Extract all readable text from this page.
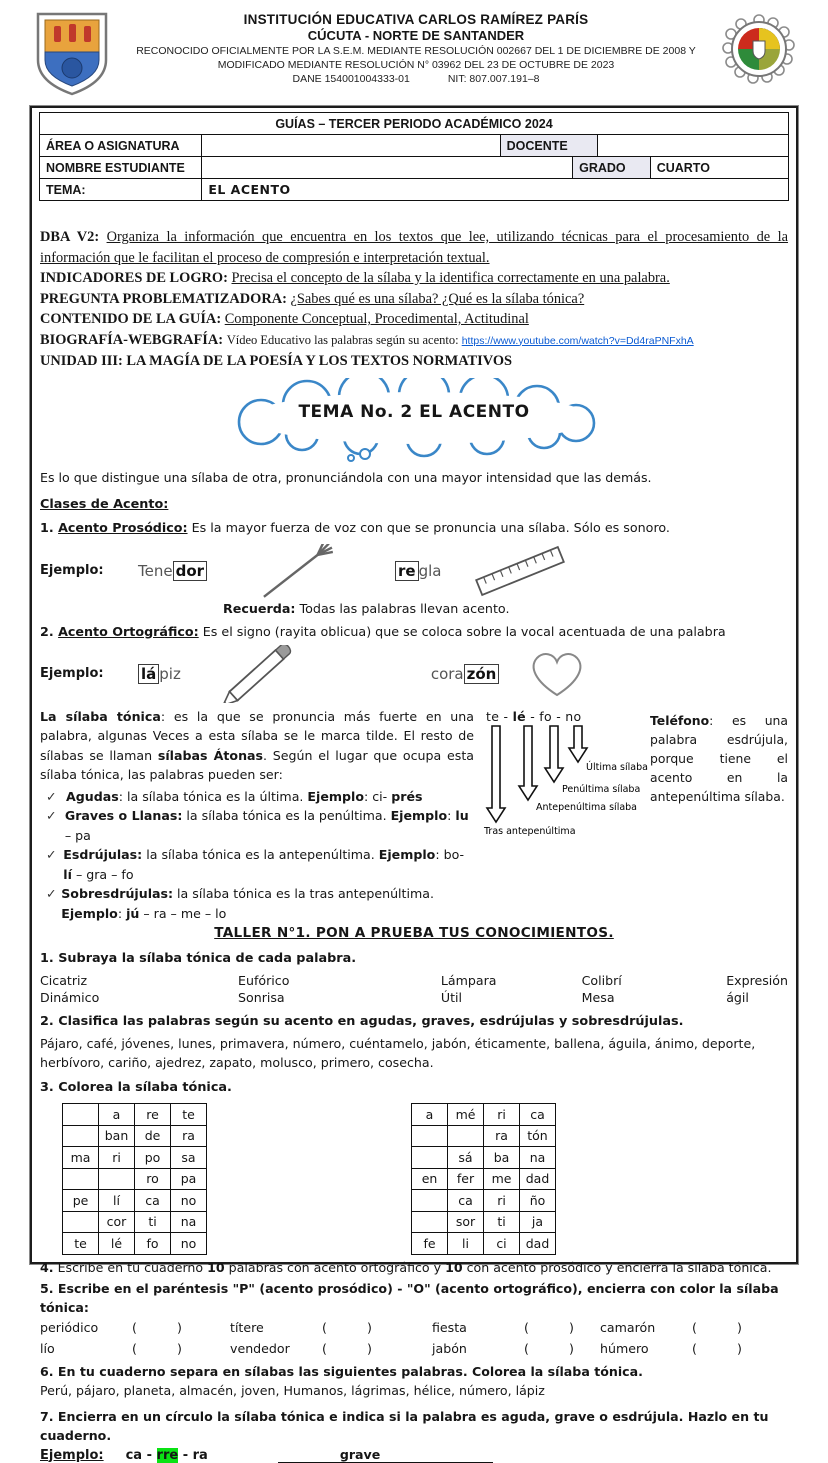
INSTITUCIÓN EDUCATIVA CARLOS RAMÍREZ PARÍS
CÚCUTA - NORTE DE SANTANDER
RECONOCIDO OFICIALMENTE POR LA S.E.M. MEDIANTE RESOLUCIÓN 002667 DEL 1 DE DICIEMBRE DE 2008 Y
MODIFICADO MEDIANTE RESOLUCIÓN N° 03962 DEL 23 DE OCTUBRE DE 2023
DANE 154001004333-01	NIT: 807.007.191–8
GUÍAS – TERCER PERIODO ACADÉMICO 2024
ÁREA O ASIGNATURA	DOCENTE
NOMBRE ESTUDIANTE	GRADO	CUARTO
TEMA:	EL ACENTO

DBA V2: Organiza la información que encuentra en los textos que lee, utilizando técnicas para el procesamiento de la información que le facilitan el proceso de compresión e interpretación textual.

INDICADORES DE LOGRO: Precisa el concepto de la sílaba y la identifica correctamente en una palabra.

PREGUNTA PROBLEMATIZADORA: ¿Sabes qué es una sílaba? ¿Qué es la sílaba tónica?

CONTENIDO DE LA GUÍA: Componente Conceptual, Procedimental, Actitudinal

BIOGRAFÍA-WEBGRAFÍA: Vídeo Educativo las palabras según su acento: https://www.youtube.com/watch?v=Dd4raPNFxhA

UNIDAD III: LA MAGÍA DE LA POESÍA Y LOS TEXTOS NORMATIVOS

TEMA No. 2 EL ACENTO

Es lo que distingue una sílaba de otra, pronunciándola con una mayor intensidad que las demás.

Clases de Acento:

1. Acento Prosódico: Es la mayor fuerza de voz con que se pronuncia una sílaba. Sólo es sonoro.

Ejemplo:	Tene dor	re gla

Recuerda: Todas las palabras llevan acento.

2. Acento Ortográfico: Es el signo (rayita oblicua) que se coloca sobre la vocal acentuada de una palabra

Ejemplo:	lá piz	cora zón

La sílaba tónica: es la que se pronuncia más fuerte en una palabra, algunas Veces a esta sílaba se le marca tilde. El resto de sílabas se llaman sílabas Átonas. Según el lugar que ocupa esta sílaba tónica, las palabras pueden ser:

✓ Agudas: la sílaba tónica es la última. Ejemplo: ci- prés
✓ Graves o Llanas: la sílaba tónica es la penúltima. Ejemplo: lu – pa
✓ Esdrújulas: la sílaba tónica es la antepenúltima. Ejemplo: bo- lí – gra – fo
✓ Sobresdrújulas: la sílaba tónica es la tras antepenúltima. Ejemplo: jú – ra – me – lo
te - lé - fo - no
Última sílaba
Penúltima sílaba
Antepenúltima sílaba
Tras antepenúltima
Teléfono: es una palabra esdrújula, porque tiene el acento en la antepenúltima sílaba.
TALLER N°1. PON A PRUEBA TUS CONOCIMIENTOS.
1. Subraya la sílaba tónica de cada palabra.
Cicatriz	Eufórico	Lámpara	Colibrí	Expresión
Dinámico	Sonrisa	Útil	Mesa	ágil
2. Clasifica las palabras según su acento en agudas, graves, esdrújulas y sobresdrújulas.

Pájaro, café, jóvenes, lunes, primavera, número, cuéntamelo, jabón, éticamente, ballena, águila, ánimo, deporte, herbívoro, cariño, ajedrez, zapato, molusco, primero, cosecha.

3. Colorea la sílaba tónica.
	a	re	te
	ban	de	ra
ma	ri	po	sa
		ro	pa
pe	lí	ca	no
	cor	ti	na
te	lé	fo	no
a	mé	ri	ca
		ra	tón
	sá	ba	na
en	fer	me	dad
	ca	ri	ño
	sor	ti	ja
fe	li	ci	dad

4. Escribe en tu cuaderno 10 palabras con acento ortográfico y 10 con acento prosódico y encierra la sílaba tónica.

5. Escribe en el paréntesis "P" (acento prosódico) - "O" (acento ortográfico), encierra con color la sílaba tónica:

periódico	(          )	títere	(          )	fiesta	(          )	camarón	(          )
lío	(          )	vendedor	(          )	jabón	(          )	húmero	(          )

6. En tu cuaderno separa en sílabas las siguientes palabras. Colorea la sílaba tónica.

Perú, pájaro, planeta, almacén, joven, Humanos, lágrimas, hélice, número, lápiz

7. Encierra en un círculo la sílaba tónica e indica si la palabra es aguda, grave o esdrújula. Hazlo en tu cuaderno.

Ejemplo: ca - rre - ra	grave
